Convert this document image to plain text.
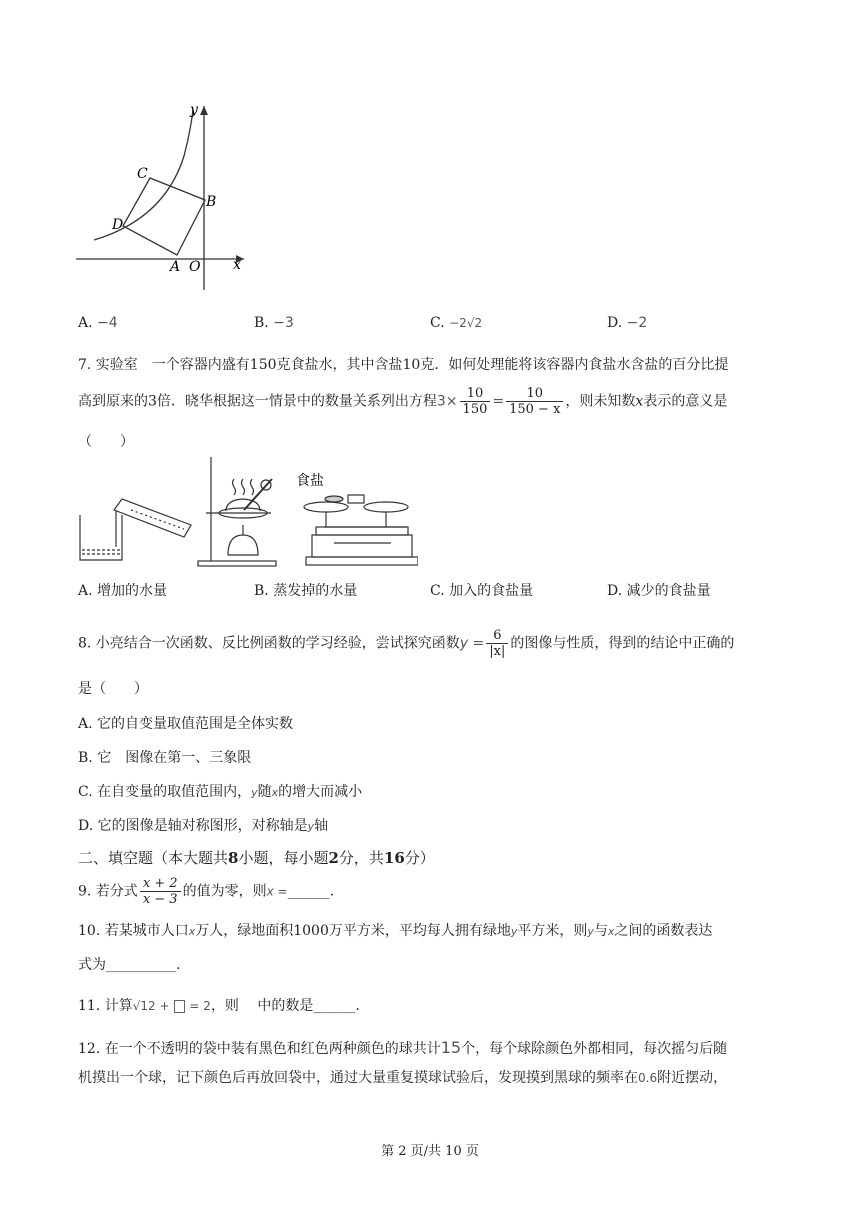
y
C
B
D
A O x
A. −4	B. −3	C. −2√2	D. −2
7. 实验室　一个容器内盛有150克食盐水，其中含盐10克．如何处理能将该容器内食盐水含盐的百分比提
高到原来的3倍．晓华根据这一情景中的数量关系列出方程$3\times \frac{10}{150} = \frac{10}{150 - x}$ ，则未知数x表示的意义是
（　　）
食盐
A. 增加的水量	B. 蒸发掉的水量	C. 加入的食盐量	D. 减少的食盐量
8. 小亮结合一次函数、反比例函数的学习经验，尝试探究函数$y = \frac{6}{|x|}$ 的图像与性质，得到的结论中正确的
是（　　）
A. 它的自变量取值范围是全体实数
B. 它　图像在第一、三象限
C. 在自变量的取值范围内，y随x的增大而减小
D. 它的图像是轴对称图形，对称轴是y轴
二、填空题（本大题共8小题，每小题2分，共16分）
9. 若分式 $\frac{x + 2}{x - 3}$ 的值为零，则x =______.
10. 若某城市人口x万人，绿地面积1000万平方米，平均每人拥有绿地y平方米，则y与x之间的函数表达
式为__________.
11. 计算√12 + = 2，则　 中的数是______.
12. 在一个不透明的袋中装有黑色和红色两种颜色的球共计15个，每个球除颜色外都相同，每次摇匀后随
机摸出一个球，记下颜色后再放回袋中，通过大量重复摸球试验后，发现摸到黑球的频率在0.6附近摆动，
第 2 页/共 10 页
